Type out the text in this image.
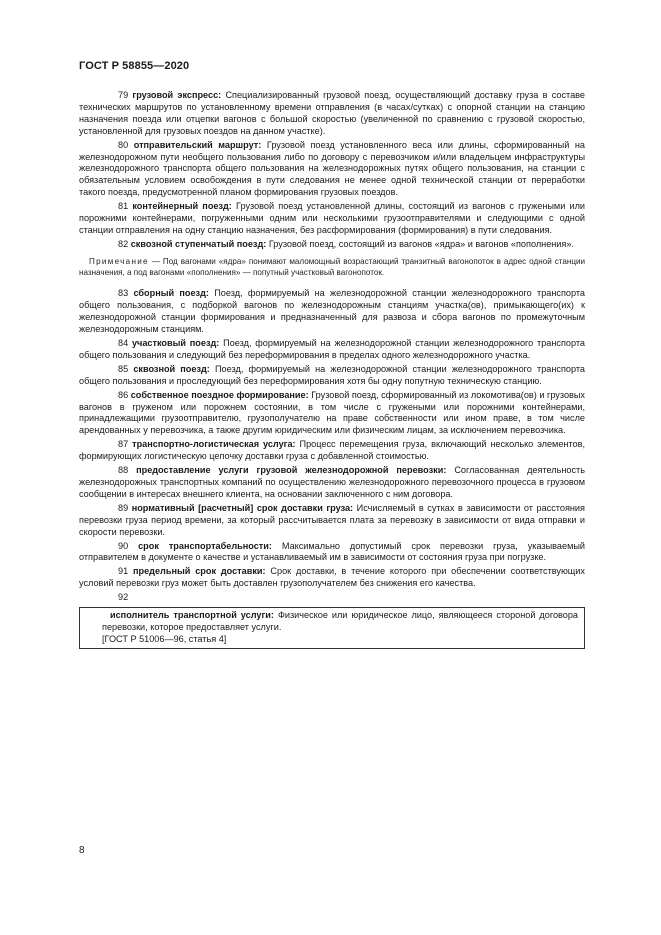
ГОСТ Р 58855—2020

79 грузовой экспресс: Специализированный грузовой поезд, осуществляющий доставку груза в составе технических маршрутов по установленному времени отправления (в часах/сутках) с опорной станции на станцию назначения поезда или отцепки вагонов с большой скоростью (увеличенной по сравнению с грузовой скоростью, установленной для грузовых поездов на данном участке).

80 отправительский маршрут: Грузовой поезд установленного веса или длины, сформированный на железнодорожном пути необщего пользования либо по договору с перевозчиком и/или владельцем инфраструктуры железнодорожного транспорта общего пользования на железнодорожных путях общего пользования, на станции с обязательным условием освобождения в пути следования не менее одной технической станции от переработки такого поезда, предусмотренной планом формирования грузовых поездов.

81 контейнерный поезд: Грузовой поезд установленной длины, состоящий из вагонов с гружеными или порожними контейнерами, погруженными одним или несколькими грузоотправителями и следующими с одной станции отправления на одну станцию назначения, без расформирования (формирования) в пути следования.

82 сквозной ступенчатый поезд: Грузовой поезд, состоящий из вагонов «ядра» и вагонов «пополнения».

Примечание — Под вагонами «ядра» понимают маломощный возрастающий транзитный вагонопоток в адрес одной станции назначения, а под вагонами «пополнения» — попутный участковый вагонопоток.

83 сборный поезд: Поезд, формируемый на железнодорожной станции железнодорожного транспорта общего пользования, с подборкой вагонов по железнодорожным станциям участка(ов), примыкающего(их) к железнодорожной станции формирования и предназначенный для развоза и сбора вагонов по промежуточным железнодорожным станциям.

84 участковый поезд: Поезд, формируемый на железнодорожной станции железнодорожного транспорта общего пользования и следующий без переформирования в пределах одного железнодорожного участка.

85 сквозной поезд: Поезд, формируемый на железнодорожной станции железнодорожного транспорта общего пользования и проследующий без переформирования хотя бы одну попутную техническую станцию.

86 собственное поездное формирование: Грузовой поезд, сформированный из локомотива(ов) и грузовых вагонов в груженом или порожнем состоянии, в том числе с гружеными или порожними контейнерами, принадлежащими грузоотправителю, грузополучателю на праве собственности или ином праве, в том числе арендованных у перевозчика, а также другим юридическим или физическим лицам, за исключением перевозчика.

87 транспортно-логистическая услуга: Процесс перемещения груза, включающий несколько элементов, формирующих логистическую цепочку доставки груза с добавленной стоимостью.

88 предоставление услуги грузовой железнодорожной перевозки: Согласованная деятельность железнодорожных транспортных компаний по осуществлению железнодорожного перевозочного процесса в грузовом сообщении в интересах внешнего клиента, на основании заключенного с ним договора.

89 нормативный [расчетный] срок доставки груза: Исчисляемый в сутках в зависимости от расстояния перевозки груза период времени, за который рассчитывается плата за перевозку в зависимости от вида отправки и скорости перевозки.

90 срок транспортабельности: Максимально допустимый срок перевозки груза, указываемый отправителем в документе о качестве и устанавливаемый им в зависимости от состояния груза при погрузке.

91 предельный срок доставки: Срок доставки, в течение которого при обеспечении соответствующих условий перевозки груз может быть доставлен грузополучателем без снижения его качества.

92

исполнитель транспортной услуги: Физическое или юридическое лицо, являющееся стороной договора перевозки, которое предоставляет услуги.

[ГОСТ Р 51006—96, статья 4]

8
